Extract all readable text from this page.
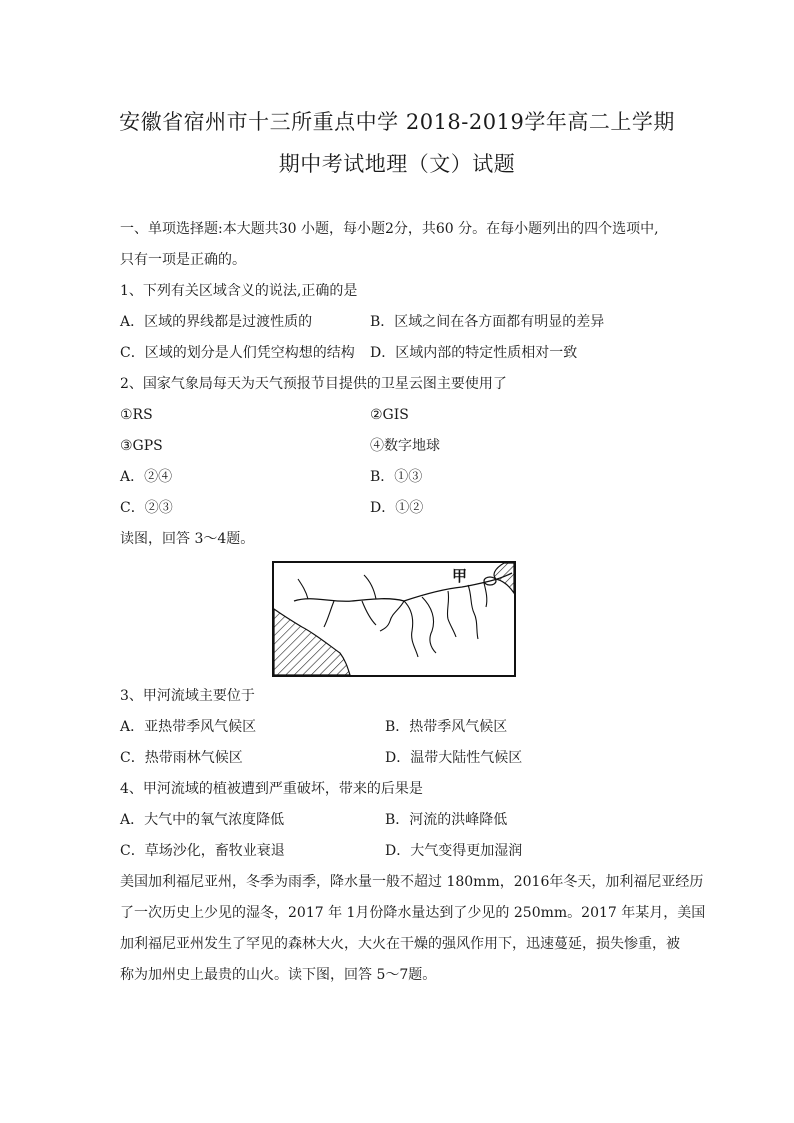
安徽省宿州市十三所重点中学 2018-2019学年高二上学期
期中考试地理（文）试题
一、单项选择题:本大题共30 小题，每小题2分，共60 分。在每小题列出的四个选项中,
只有一项是正确的。
1、下列有关区域含义的说法,正确的是
A．区域的界线都是过渡性质的	B．区域之间在各方面都有明显的差异
C．区域的划分是人们凭空构想的结构 D．区域内部的特定性质相对一致
2、国家气象局每天为天气预报节目提供的卫星云图主要使用了
①RS	②GIS
③GPS	④数字地球
A．②④	B．①③
C．②③	D．①②
读图，回答 3～4题。
甲
3、甲河流域主要位于
A．亚热带季风气候区	B．热带季风气候区
C．热带雨林气候区	D．温带大陆性气候区
4、甲河流域的植被遭到严重破坏，带来的后果是
A．大气中的氧气浓度降低	B．河流的洪峰降低
C．草场沙化，畜牧业衰退	D．大气变得更加湿润
美国加利福尼亚州，冬季为雨季，降水量一般不超过 180mm，2016年冬天，加利福尼亚经历
了一次历史上少见的湿冬，2017 年 1月份降水量达到了少见的 250mm。2017 年某月，美国
加利福尼亚州发生了罕见的森林大火，大火在干燥的强风作用下，迅速蔓延，损失惨重，被
称为加州史上最贵的山火。读下图，回答 5～7题。
